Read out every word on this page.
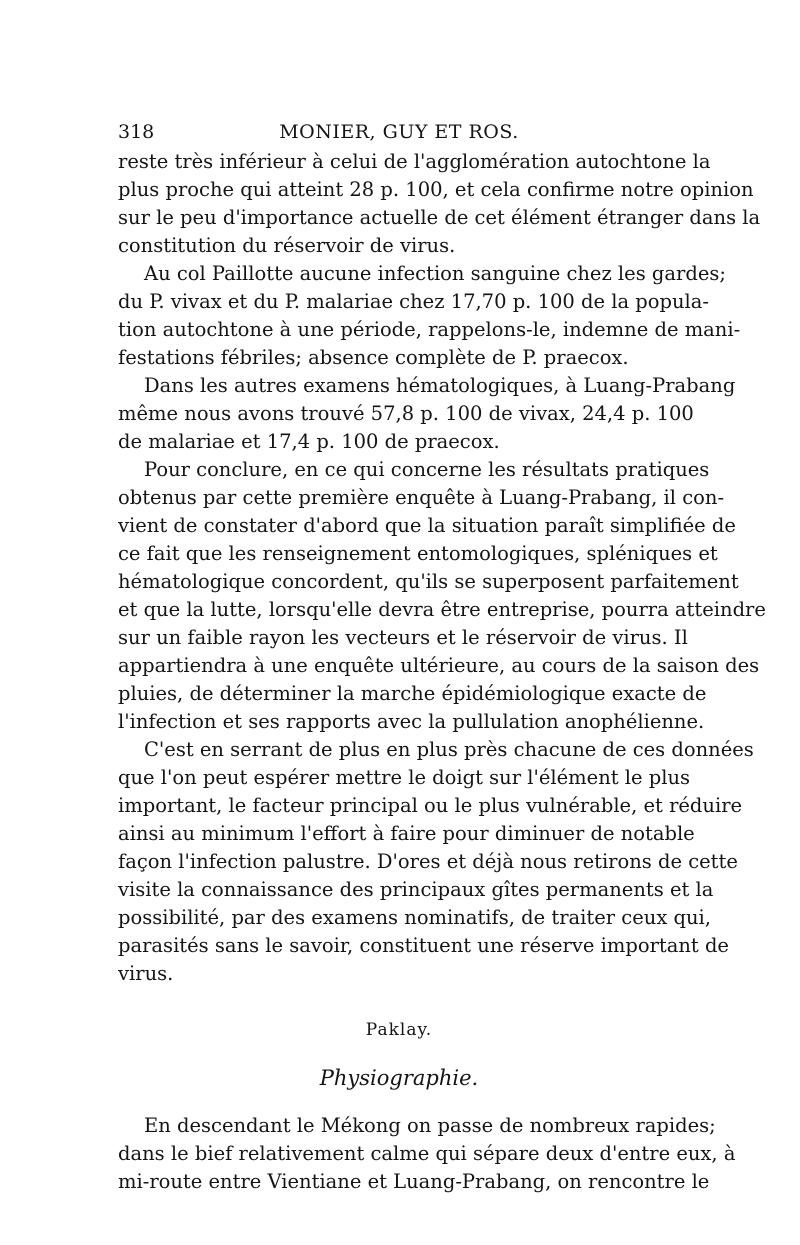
318	MONIER, GUY ET ROS.
reste très inférieur à celui de l'agglomération autochtone la
plus proche qui atteint 28 p. 100, et cela confirme notre opinion
sur le peu d'importance actuelle de cet élément étranger dans la
constitution du réservoir de virus.
Au col Paillotte aucune infection sanguine chez les gardes;
du P. vivax et du P. malariae chez 17,70 p. 100 de la popula-
tion autochtone à une période, rappelons-le, indemne de mani-
festations fébriles; absence complète de P. praecox.
Dans les autres examens hématologiques, à Luang-Prabang
même nous avons trouvé 57,8 p. 100 de vivax, 24,4 p. 100
de malariae et 17,4 p. 100 de praecox.
Pour conclure, en ce qui concerne les résultats pratiques
obtenus par cette première enquête à Luang-Prabang, il con-
vient de constater d'abord que la situation paraît simplifiée de
ce fait que les renseignement entomologiques, spléniques et
hématologique concordent, qu'ils se superposent parfaitement
et que la lutte, lorsqu'elle devra être entreprise, pourra atteindre
sur un faible rayon les vecteurs et le réservoir de virus. Il
appartiendra à une enquête ultérieure, au cours de la saison des
pluies, de déterminer la marche épidémiologique exacte de
l'infection et ses rapports avec la pullulation anophélienne.
C'est en serrant de plus en plus près chacune de ces données
que l'on peut espérer mettre le doigt sur l'élément le plus
important, le facteur principal ou le plus vulnérable, et réduire
ainsi au minimum l'effort à faire pour diminuer de notable
façon l'infection palustre. D'ores et déjà nous retirons de cette
visite la connaissance des principaux gîtes permanents et la
possibilité, par des examens nominatifs, de traiter ceux qui,
parasités sans le savoir, constituent une réserve important de
virus.
Paklay.
Physiographie.
En descendant le Mékong on passe de nombreux rapides;
dans le bief relativement calme qui sépare deux d'entre eux, à
mi-route entre Vientiane et Luang-Prabang, on rencontre le
